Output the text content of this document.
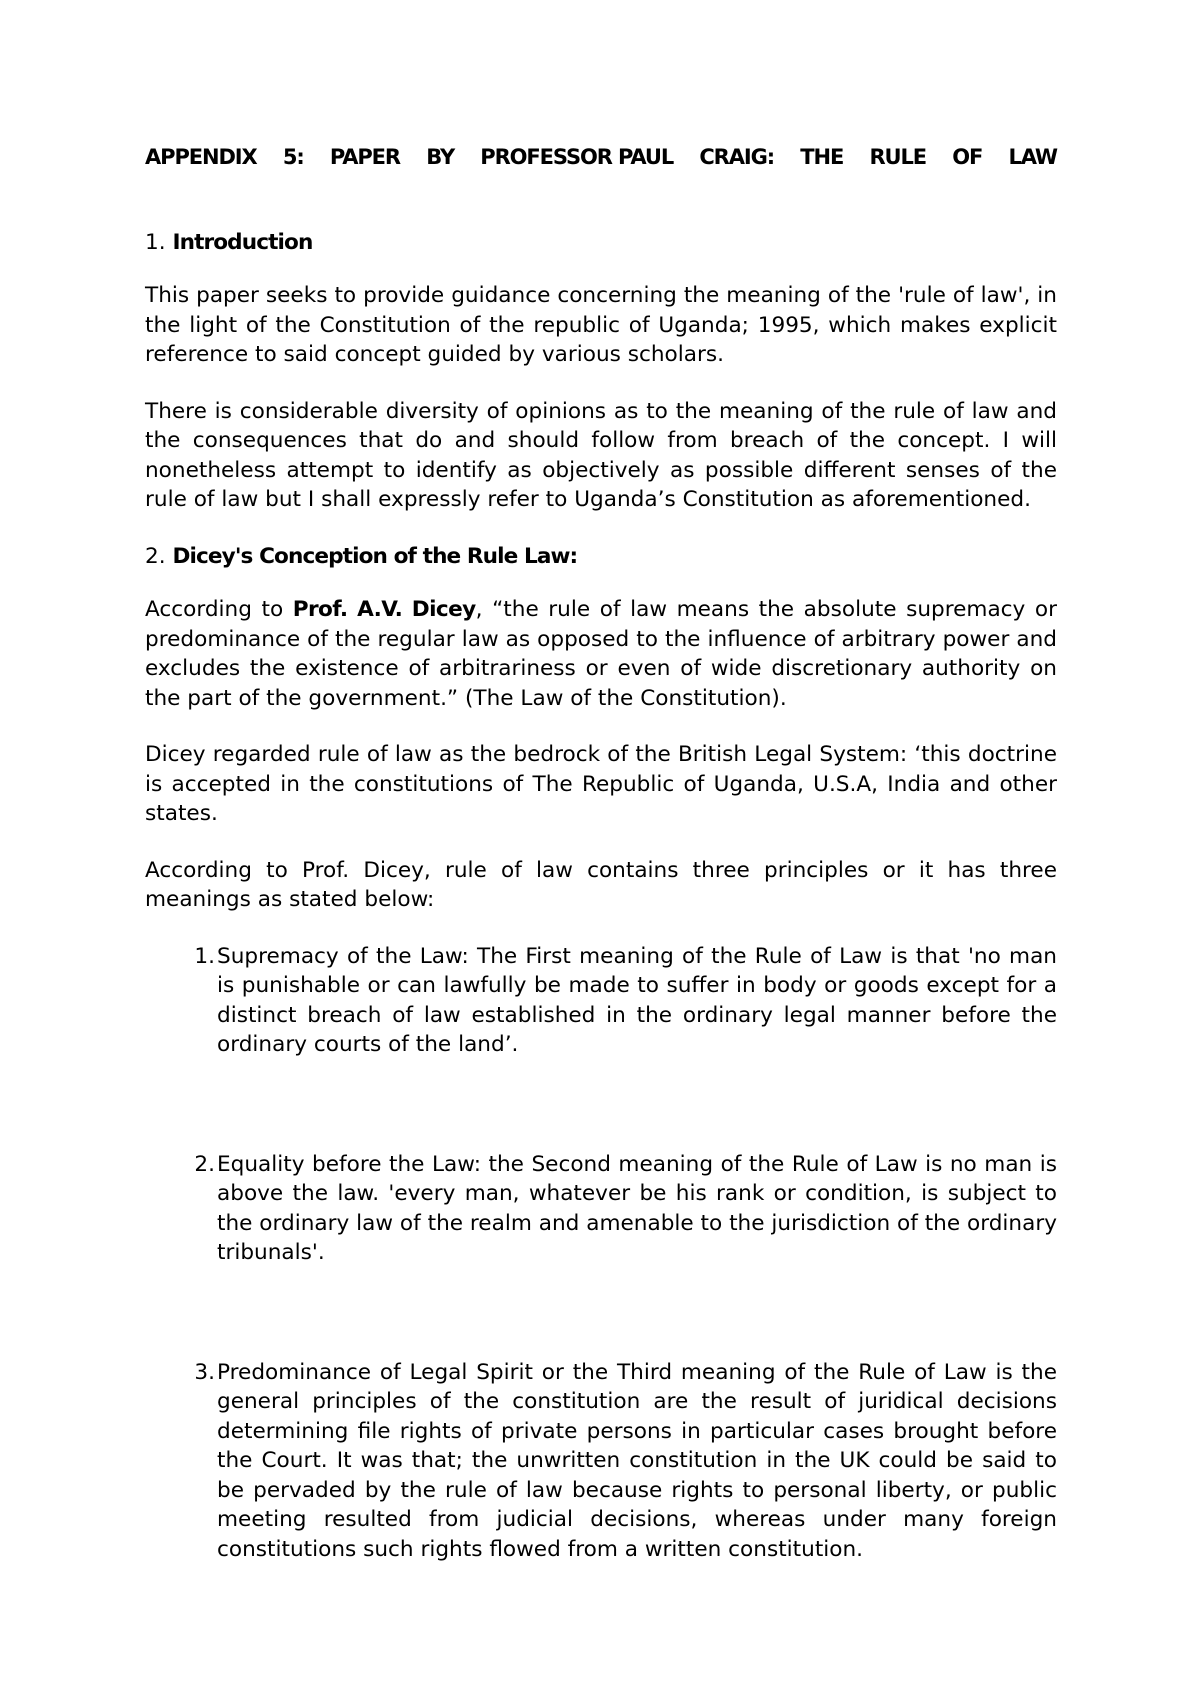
APPENDIX 5: PAPER BY PROFESSOR PAUL CRAIG: THE RULE OF LAW
1. Introduction

This paper seeks to provide guidance concerning the meaning of the 'rule of law', in the light of the Constitution of the republic of Uganda; 1995, which makes explicit reference to said concept guided by various scholars.

There is considerable diversity of opinions as to the meaning of the rule of law and the consequences that do and should follow from breach of the concept. I will nonetheless attempt to identify as objectively as possible different senses of the rule of law but I shall expressly refer to Uganda’s Constitution as aforementioned.

2. Dicey's Conception of the Rule Law:

According to Prof. A.V. Dicey, “the rule of law means the absolute supremacy or predominance of the regular law as opposed to the influence of arbitrary power and excludes the existence of arbitrariness or even of wide discretionary authority on the part of the government.” (The Law of the Constitution).

Dicey regarded rule of law as the bedrock of the British Legal System: ‘this doctrine is accepted in the constitutions of The Republic of Uganda, U.S.A, India and other states.

According to Prof. Dicey, rule of law contains three principles or it has three meanings as stated below:

1. Supremacy of the Law: The First meaning of the Rule of Law is that 'no man is punishable or can lawfully be made to suffer in body or goods except for a distinct breach of law established in the ordinary legal manner before the ordinary courts of the land’.
2. Equality before the Law: the Second meaning of the Rule of Law is no man is above the law. 'every man, whatever be his rank or condition, is subject to the ordinary law of the realm and amenable to the jurisdiction of the ordinary tribunals'.
3. Predominance of Legal Spirit or the Third meaning of the Rule of Law is the general principles of the constitution are the result of juridical decisions determining file rights of private persons in particular cases brought before the Court. It was that; the unwritten constitution in the UK could be said to be pervaded by the rule of law because rights to personal liberty, or public meeting resulted from judicial decisions, whereas under many foreign constitutions such rights flowed from a written constitution.
